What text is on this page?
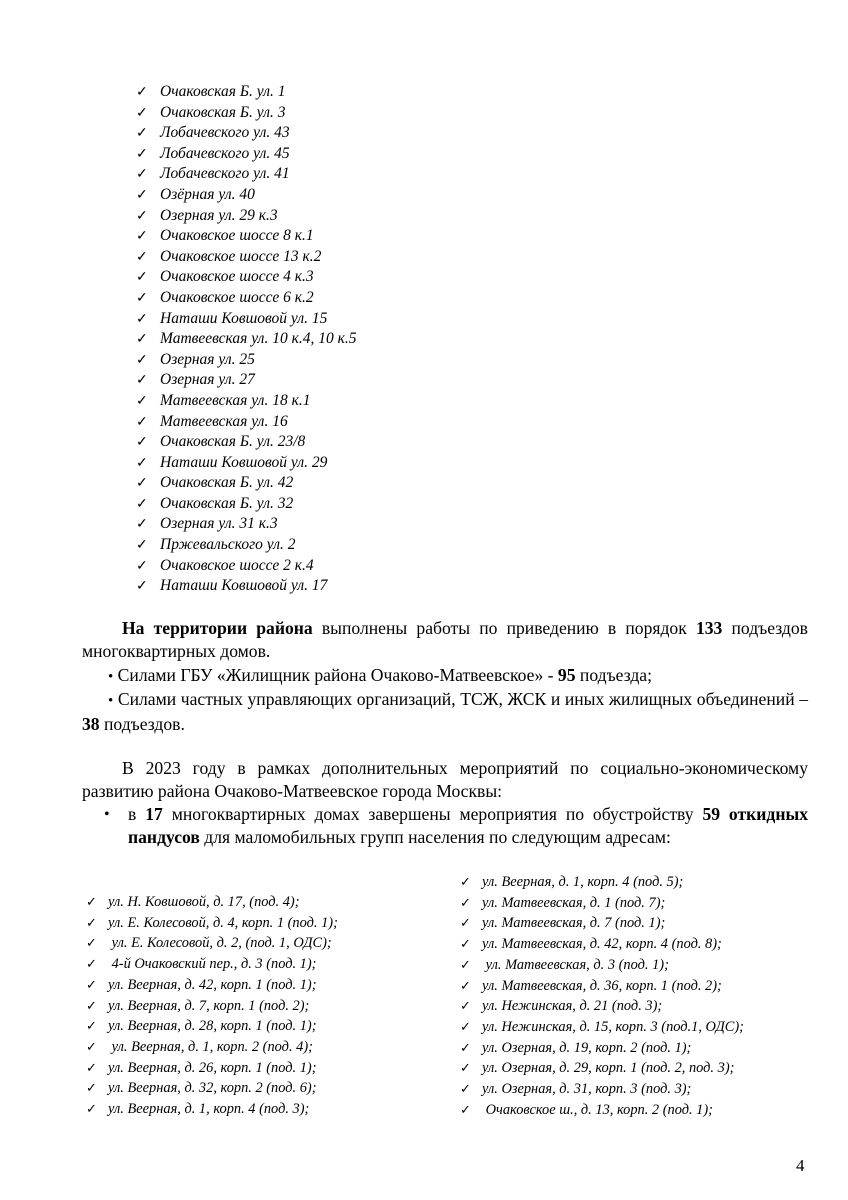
✓ Очаковская Б. ул. 1
✓ Очаковская Б. ул. 3
✓ Лобачевского ул. 43
✓ Лобачевского ул. 45
✓ Лобачевского ул. 41
✓ Озёрная ул. 40
✓ Озерная ул. 29 к.3
✓ Очаковское шоссе 8 к.1
✓ Очаковское шоссе 13 к.2
✓ Очаковское шоссе 4 к.3
✓ Очаковское шоссе 6 к.2
✓ Наташи Ковшовой ул. 15
✓ Матвеевская ул. 10 к.4, 10 к.5
✓ Озерная ул. 25
✓ Озерная ул. 27
✓ Матвеевская ул. 18 к.1
✓ Матвеевская ул. 16
✓ Очаковская Б. ул. 23/8
✓ Наташи Ковшовой ул. 29
✓ Очаковская Б. ул. 42
✓ Очаковская Б. ул. 32
✓ Озерная ул. 31 к.3
✓ Пржевальского ул. 2
✓ Очаковское шоссе 2 к.4
✓ Наташи Ковшовой ул. 17

На территории района выполнены работы по приведению в порядок 133 подъездов многоквартирных домов.

• Силами ГБУ «Жилищник района Очаково-Матвеевское» - 95 подъезда;

• Силами частных управляющих организаций, ТСЖ, ЖСК и иных жилищных объединений – 38 подъездов.

В 2023 году в рамках дополнительных мероприятий по социально-экономическому развитию района Очаково-Матвеевское города Москвы:

• в 17 многоквартирных домах завершены мероприятия по обустройству 59 откидных пандусов для маломобильных групп населения по следующим адресам:
✓ ул. Н. Ковшовой, д. 17, (под. 4);
✓ ул. Е. Колесовой, д. 4, корп. 1 (под. 1);
✓ ул. Е. Колесовой, д. 2, (под. 1, ОДС);
✓ 4-й Очаковский пер., д. 3 (под. 1);
✓ ул. Веерная, д. 42, корп. 1 (под. 1);
✓ ул. Веерная, д. 7, корп. 1 (под. 2);
✓ ул. Веерная, д. 28, корп. 1 (под. 1);
✓ ул. Веерная, д. 1, корп. 2 (под. 4);
✓ ул. Веерная, д. 26, корп. 1 (под. 1);
✓ ул. Веерная, д. 32, корп. 2 (под. 6);
✓ ул. Веерная, д. 1, корп. 4 (под. 3);
✓ ул. Веерная, д. 1, корп. 4 (под. 5);
✓ ул. Матвеевская, д. 1 (под. 7);
✓ ул. Матвеевская, д. 7 (под. 1);
✓ ул. Матвеевская, д. 42, корп. 4 (под. 8);
✓ ул. Матвеевская, д. 3 (под. 1);
✓ ул. Матвеевская, д. 36, корп. 1 (под. 2);
✓ ул. Нежинская, д. 21 (под. 3);
✓ ул. Нежинская, д. 15, корп. 3 (под.1, ОДС);
✓ ул. Озерная, д. 19, корп. 2 (под. 1);
✓ ул. Озерная, д. 29, корп. 1 (под. 2, под. 3);
✓ ул. Озерная, д. 31, корп. 3 (под. 3);
✓ Очаковское ш., д. 13, корп. 2 (под. 1);
4
